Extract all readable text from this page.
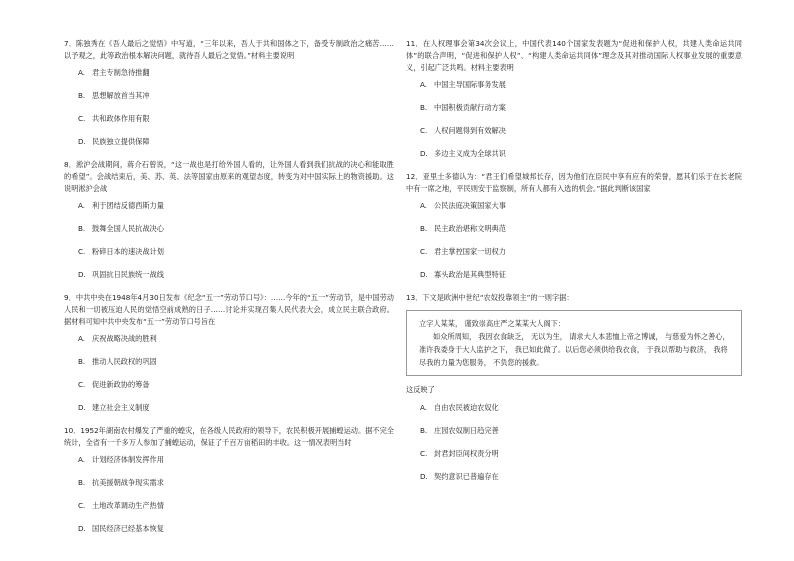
7．陈独秀在《吾人最后之觉悟》中写道，“三年以来，吾人于共和国体之下，备受专制政治之痛苦……以予观之，此等政治根本解决问题，就待吾人最后之觉悟。”材料主要说明

A. 君主专制急待推翻
B. 思想解放首当其冲
C. 共和政体作用有限
D. 民族独立提供保障

8．淞沪会战期间，蒋介石曾说，“这一战也是打给外国人看的，让外国人看到我们抗战的决心和能取胜的希望”。会战结束后，美、苏、英、法等国家由原来的观望态度，转变为对中国实际上的物资援助。这说明淞沪会战

A. 利于团结反德西斯力量
B. 鼓舞全国人民抗战决心
C. 粉碎日本的速决战计划
D. 巩固抗日民族统一战线

9．中共中央在1948年4月30日发布《纪念“五一”劳动节口号》：……今年的“五一”劳动节，是中国劳动人民和一切被压迫人民的觉悟空前成熟的日子……讨论并实现召集人民代表大会，成立民主联合政府。据材料可知中共中央发布“五一”劳动节口号旨在

A. 庆祝战略决战的胜利
B. 推动人民政权的巩固
C. 促进新政协的筹备
D. 建立社会主义制度

10．1952年湖南农村爆发了严重的蝗灾，在各级人民政府的领导下，农民积极开展捕蝗运动。据不完全统计，全省有一千多万人参加了捕蝗运动，保证了千百万亩稻田的丰收。这一情况表明当时

A. 计划经济体制发挥作用
B. 抗美援朝战争现实需求
C. 土地改革调动生产热情
D. 国民经济已经基本恢复

11．在人权理事会第34次会议上，中国代表140个国家发表题为“促进和保护人权，共建人类命运共同体”的联合声明，“促进和保护人权”、“构建人类命运共同体”理念及其对推动国际人权事业发展的重要意义，引起广泛共鸣。材料主要表明

A. 中国主导国际事务发展
B. 中国积极贡献行动方案
C. 人权问题得到有效解决
D. 多边主义成为全球共识

12．亚里士多德认为：“君王们希望城邦长存，因为他们在臣民中享有应有的荣誉，愿其们乐于在长老院中有一席之地，平民则安于监察制，所有人都有入选的机会。”据此判断该国家

A. 公民法庭决策国家大事
B. 民主政治堪称文明典范
C. 君主掌控国家一切权力
D. 寡头政治是其典型特征

13．下文是欧洲中世纪“农奴投靠领主”的一则字据：

立字人某某， 谨致崇高庄严之某某大人阁下：

如众所周知， 我因衣食缺乏， 无以为生， 请求大人本悲恤上帝之博诚， 与慈爱为怀之善心， 准许我委身于大人监护之下， 我已如此做了。以后您必须供给我衣食， 于我以帮助与救济， 我将尽我的力量为您服务， 不负您的援救。

这反映了

A. 自由农民被迫农奴化
B. 庄园农奴制日趋完善
C. 封君封臣间权责分明
D. 契约意识已普遍存在
